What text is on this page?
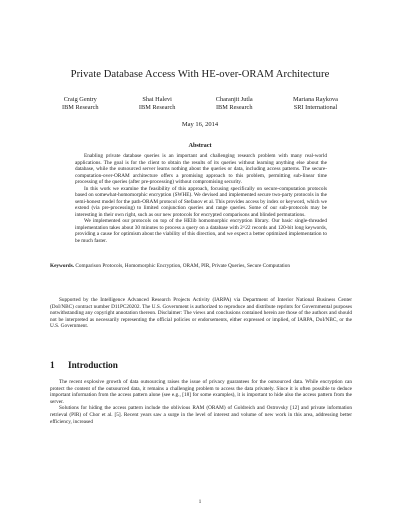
Private Database Access With HE-over-ORAM Architecture
Craig Gentry
IBM Research
Shai Halevi
IBM Research
Charanjit Jutla
IBM Research
Mariana Raykova
SRI International
May 16, 2014
Abstract

Enabling private database queries is an important and challenging research problem with many real-world applications. The goal is for the client to obtain the results of its queries without learning anything else about the database, while the outsourced server learns nothing about the queries or data, including access patterns. The secure-computation-over-ORAM architecture offers a promising approach to this problem, permitting sub-linear time processing of the queries (after pre-processing) without compromising security.

In this work we examine the feasibility of this approach, focusing specifically on secure-computation protocols based on somewhat-homomorphic encryption (SWHE). We devised and implemented secure two-party protocols in the semi-honest model for the path-ORAM protocol of Stefanov et al. This provides access by index or keyword, which we extend (via pre-processing) to limited conjunction queries and range queries. Some of our sub-protocols may be interesting in their own right, such as our new protocols for encrypted comparisons and blinded permutations.

We implemented our protocols on top of the HElib homomorphic encryption library. Our basic single-threaded implementation takes about 30 minutes to process a query on a database with 2^22 records and 120-bit long keywords, providing a cause for optimism about the viability of this direction, and we expect a better optimized implementation to be much faster.

Keywords. Comparison Protocols, Homomorphic Encryption, ORAM, PIR, Private Queries, Secure Computation
Supported by the Intelligence Advanced Research Projects Activity (IARPA) via Department of Interior National Business Center (DoI/NBC) contract number D11PC20202. The U.S. Government is authorized to reproduce and distribute reprints for Governmental purposes notwithstanding any copyright annotation thereon. Disclaimer: The views and conclusions contained herein are those of the authors and should not be interpreted as necessarily representing the official policies or endorsements, either expressed or implied, of IARPA, DoI/NBC, or the U.S. Government.
1 Introduction

The recent explosive growth of data outsourcing raises the issue of privacy guarantees for the outsourced data. While encryption can protect the content of the outsourced data, it remains a challenging problem to access the data privately. Since it is often possible to deduce important information from the access pattern alone (see e.g., [18] for some examples), it is important to hide also the access pattern from the server.

Solutions for hiding the access pattern include the oblivious RAM (ORAM) of Goldreich and Ostrovsky [12] and private information retrieval (PIR) of Chor et al. [5]. Recent years saw a surge in the level of interest and volume of new work in this area, addressing better efficiency, increased

1
